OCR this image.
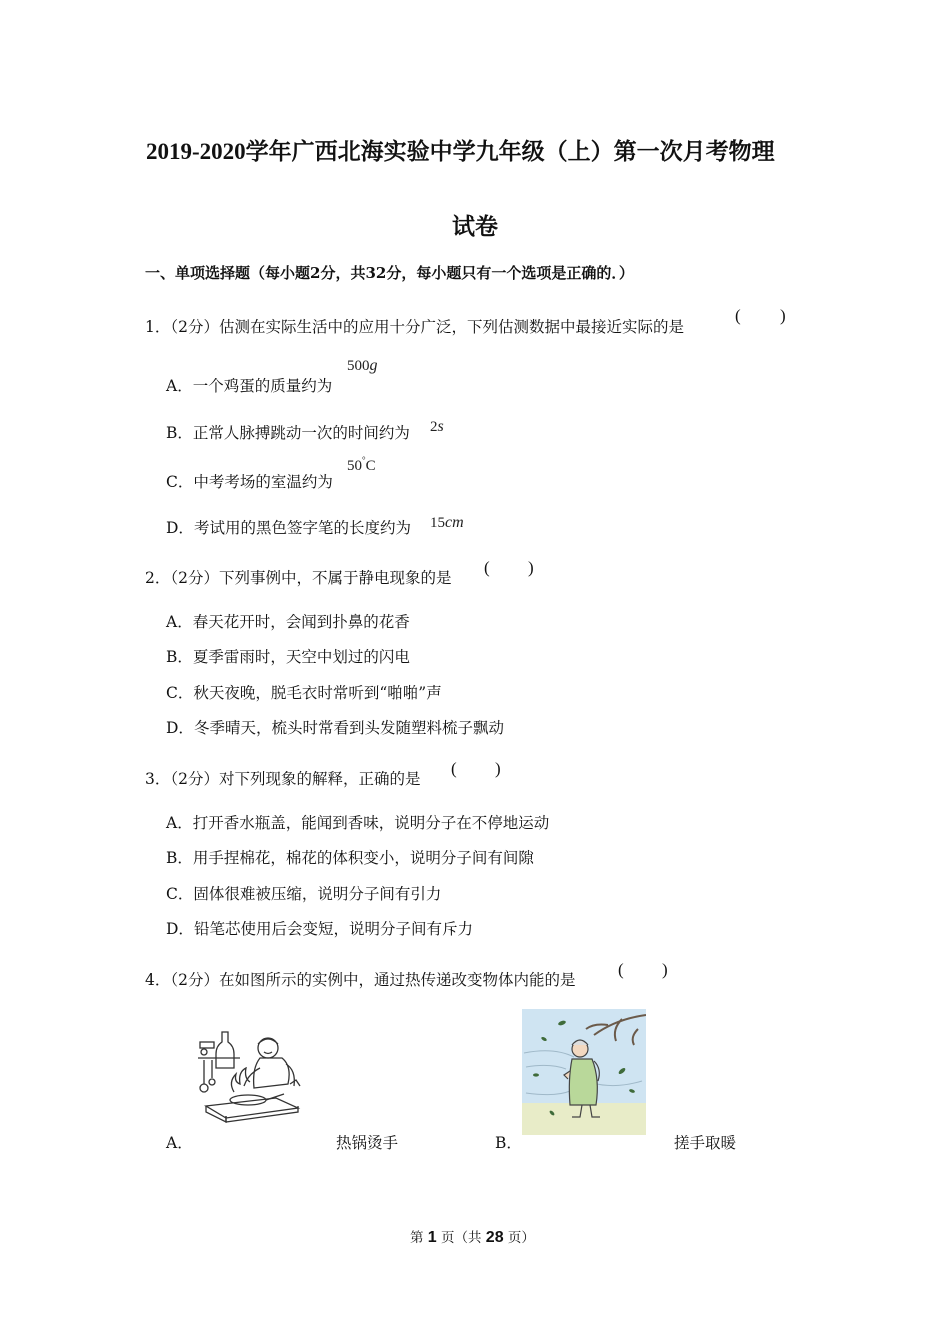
2019-2020学年广西北海实验中学九年级（上）第一次月考物理
试卷
一、单项选择题（每小题2分，共32分，每小题只有一个选项是正确的．）
1．（2分）估测在实际生活中的应用十分广泛，下列估测数据中最接近实际的是
( )
A．一个鸡蛋的质量约为
500g
B．正常人脉搏跳动一次的时间约为 2s
C．中考考场的室温约为
50°C
D．考试用的黑色签字笔的长度约为 15cm
2．（2分）下列事例中，不属于静电现象的是
( )
A．春天花开时，会闻到扑鼻的花香
B．夏季雷雨时，天空中划过的闪电
C．秋天夜晚，脱毛衣时常听到“啪啪”声
D．冬季晴天，梳头时常看到头发随塑料梳子飘动
3．（2分）对下列现象的解释，正确的是
( )
A．打开香水瓶盖，能闻到香味，说明分子在不停地运动
B．用手捏棉花，棉花的体积变小，说明分子间有间隙
C．固体很难被压缩，说明分子间有引力
D．铅笔芯使用后会变短，说明分子间有斥力
4．（2分）在如图所示的实例中，通过热传递改变物体内能的是
( )
A．	热锅烫手	B．	搓手取暖
第 1 页（共 28 页）
